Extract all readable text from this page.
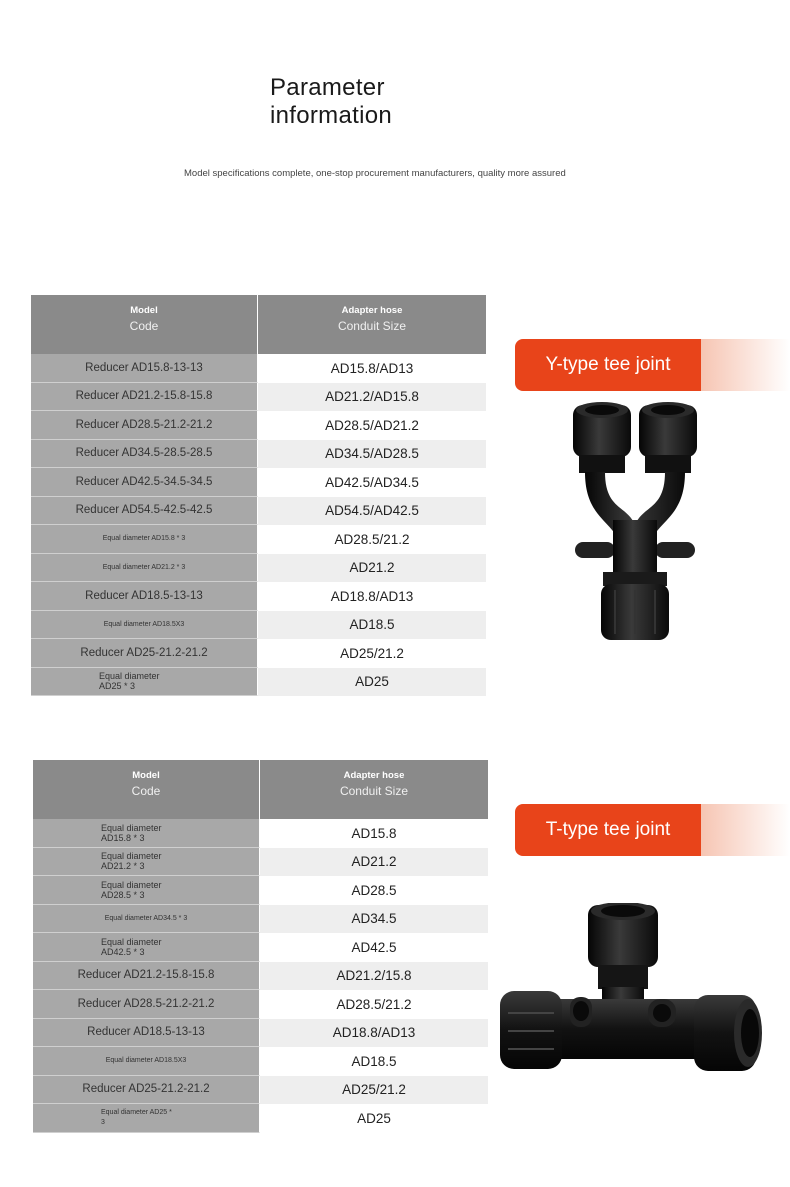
Parameter
information
Model specifications complete, one-stop procurement manufacturers, quality more assured
Model
Code
Adapter hose
Conduit Size
Reducer AD15.8-13-13	AD15.8/AD13
Reducer AD21.2-15.8-15.8	AD21.2/AD15.8
Reducer AD28.5-21.2-21.2	AD28.5/AD21.2
Reducer AD34.5-28.5-28.5	AD34.5/AD28.5
Reducer AD42.5-34.5-34.5	AD42.5/AD34.5
Reducer AD54.5-42.5-42.5	AD54.5/AD42.5
Equal diameter AD15.8 * 3	AD28.5/21.2
Equal diameter AD21.2 * 3	AD21.2
Reducer AD18.5-13-13	AD18.8/AD13
Equal diameter AD18.5X3	AD18.5
Reducer AD25-21.2-21.2	AD25/21.2
Equal diameter
AD25 * 3	AD25
Y-type tee joint
Model
Code
Adapter hose
Conduit Size
Equal diameter
AD15.8 * 3	AD15.8
Equal diameter
AD21.2 * 3	AD21.2
Equal diameter
AD28.5 * 3	AD28.5
Equal diameter AD34.5 * 3	AD34.5
Equal diameter
AD42.5 * 3	AD42.5
Reducer AD21.2-15.8-15.8	AD21.2/15.8
Reducer AD28.5-21.2-21.2	AD28.5/21.2
Reducer AD18.5-13-13	AD18.8/AD13
Equal diameter AD18.5X3	AD18.5
Reducer AD25-21.2-21.2	AD25/21.2
Equal diameter AD25 *
3	AD25
T-type tee joint
